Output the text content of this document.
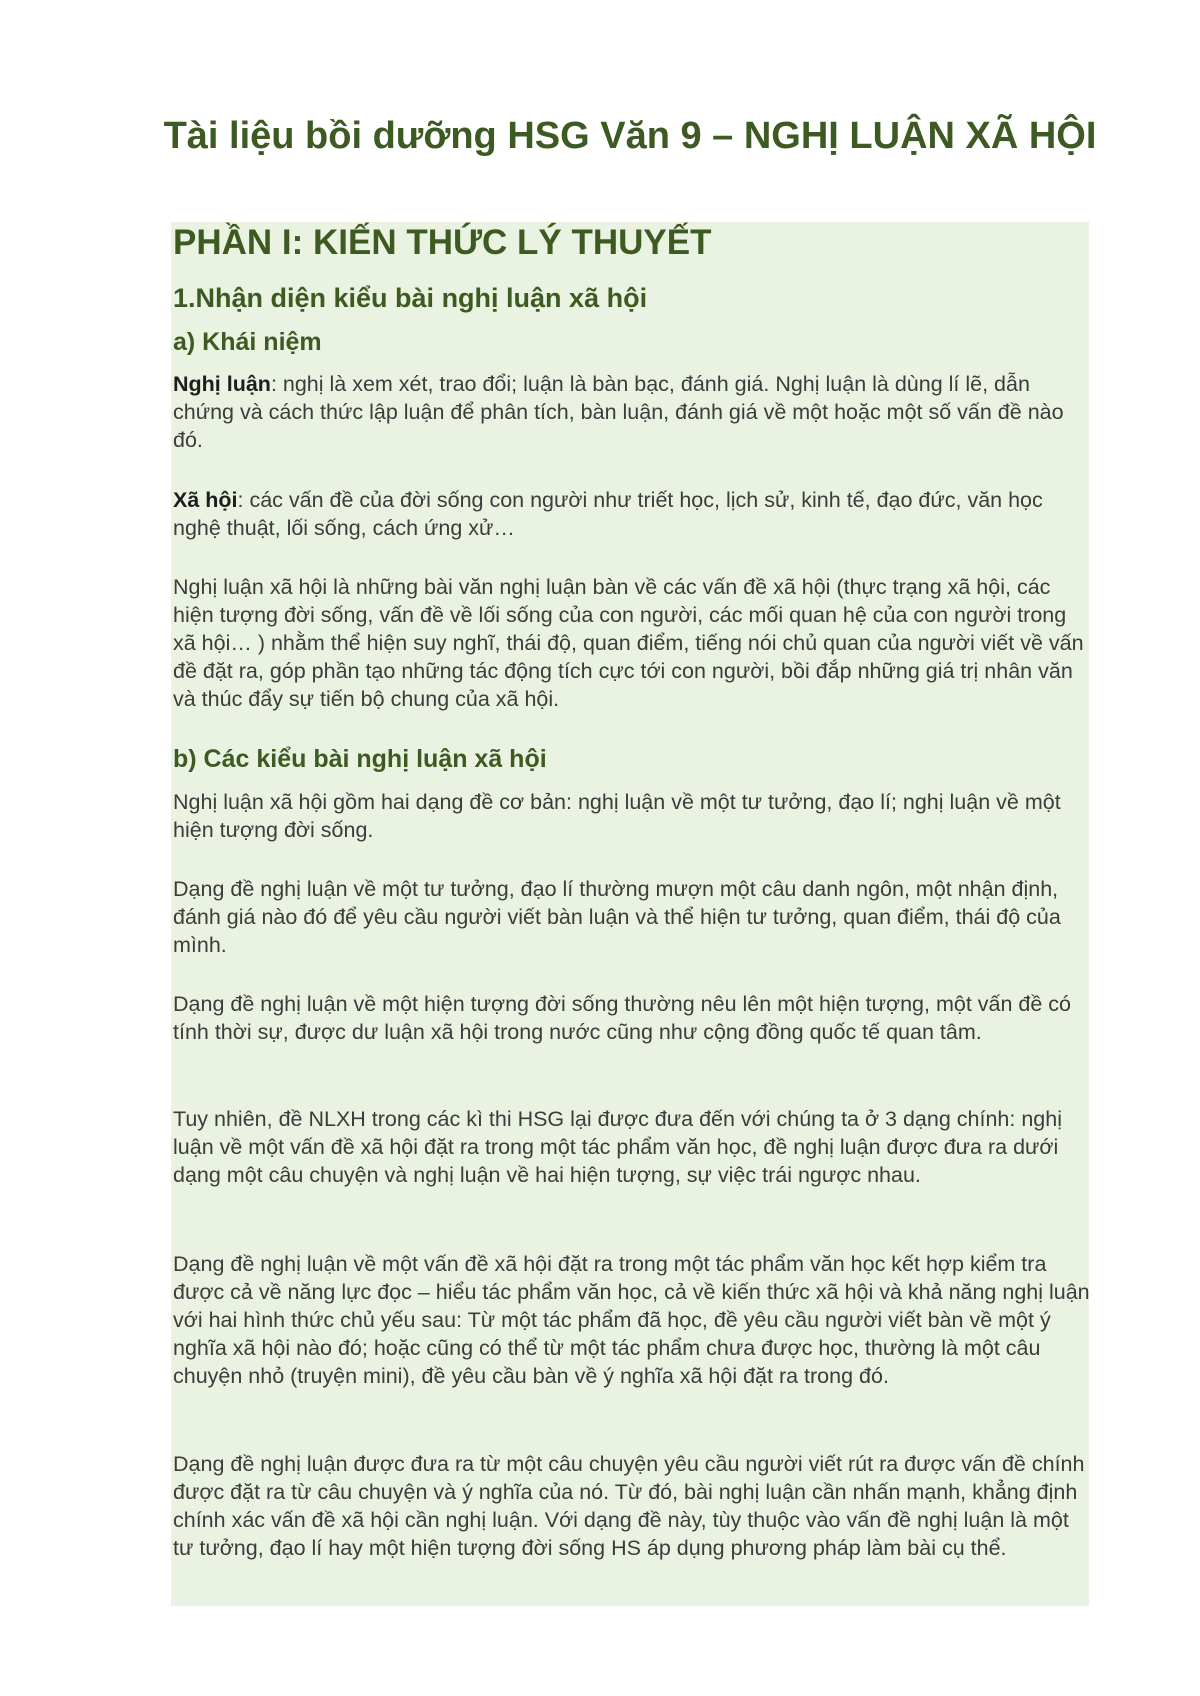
Tài liệu bồi dưỡng HSG Văn 9 – NGHỊ LUẬN XÃ HỘI
PHẦN I: KIẾN THỨC LÝ THUYẾT
1.Nhận diện kiểu bài nghị luận xã hội
a) Khái niệm

Nghị luận: nghị là xem xét, trao đổi; luận là bàn bạc, đánh giá. Nghị luận là dùng lí lẽ, dẫn chứng và cách thức lập luận để phân tích, bàn luận, đánh giá về một hoặc một số vấn đề nào đó.

Xã hội: các vấn đề của đời sống con người như triết học, lịch sử, kinh tế, đạo đức, văn học nghệ thuật, lối sống, cách ứng xử…

Nghị luận xã hội là những bài văn nghị luận bàn về các vấn đề xã hội (thực trạng xã hội, các hiện tượng đời sống, vấn đề về lối sống của con người, các mối quan hệ của con người trong xã hội… ) nhằm thể hiện suy nghĩ, thái độ, quan điểm, tiếng nói chủ quan của người viết về vấn đề đặt ra, góp phần tạo những tác động tích cực tới con người, bồi đắp những giá trị nhân văn và thúc đẩy sự tiến bộ chung của xã hội.

b) Các kiểu bài nghị luận xã hội

Nghị luận xã hội gồm hai dạng đề cơ bản: nghị luận về một tư tưởng, đạo lí; nghị luận về một hiện tượng đời sống.

Dạng đề nghị luận về một tư tưởng, đạo lí thường mượn một câu danh ngôn, một nhận định, đánh giá nào đó để yêu cầu người viết bàn luận và thể hiện tư tưởng, quan điểm, thái độ của mình.

Dạng đề nghị luận về một hiện tượng đời sống thường nêu lên một hiện tượng, một vấn đề có tính thời sự, được dư luận xã hội trong nước cũng như cộng đồng quốc tế quan tâm.

Tuy nhiên, đề NLXH trong các kì thi HSG lại được đưa đến với chúng ta ở 3 dạng chính: nghị luận về một vấn đề xã hội đặt ra trong một tác phẩm văn học, đề nghị luận được đưa ra dưới dạng một câu chuyện và nghị luận về hai hiện tượng, sự việc trái ngược nhau.

Dạng đề nghị luận về một vấn đề xã hội đặt ra trong một tác phẩm văn học kết hợp kiểm tra được cả về năng lực đọc – hiểu tác phẩm văn học, cả về kiến thức xã hội và khả năng nghị luận với hai hình thức chủ yếu sau: Từ một tác phẩm đã học, đề yêu cầu người viết bàn về một ý nghĩa xã hội nào đó; hoặc cũng có thể từ một tác phẩm chưa được học, thường là một câu chuyện nhỏ (truyện mini), đề yêu cầu bàn về ý nghĩa xã hội đặt ra trong đó.

Dạng đề nghị luận được đưa ra từ một câu chuyện yêu cầu người viết rút ra được vấn đề chính được đặt ra từ câu chuyện và ý nghĩa của nó. Từ đó, bài nghị luận cần nhấn mạnh, khẳng định chính xác vấn đề xã hội cần nghị luận. Với dạng đề này, tùy thuộc vào vấn đề nghị luận là một tư tưởng, đạo lí hay một hiện tượng đời sống HS áp dụng phương pháp làm bài cụ thể.
